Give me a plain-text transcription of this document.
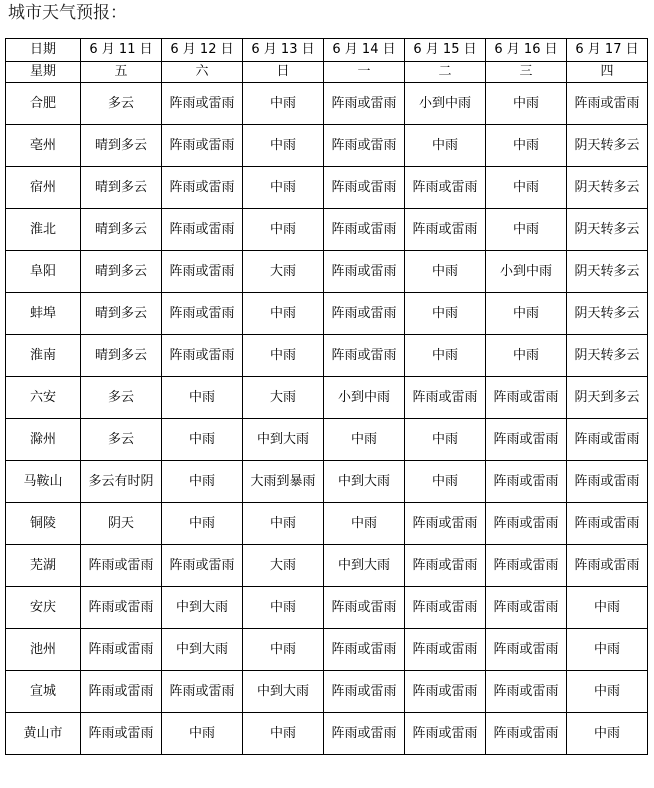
城市天气预报：
日期	6 月 11 日	6 月 12 日	6 月 13 日	6 月 14 日	6 月 15 日	6 月 16 日	6 月 17 日
星期	五	六	日	一	二	三	四
合肥	多云	阵雨或雷雨	中雨	阵雨或雷雨	小到中雨	中雨	阵雨或雷雨
亳州	晴到多云	阵雨或雷雨	中雨	阵雨或雷雨	中雨	中雨	阴天转多云
宿州	晴到多云	阵雨或雷雨	中雨	阵雨或雷雨	阵雨或雷雨	中雨	阴天转多云
淮北	晴到多云	阵雨或雷雨	中雨	阵雨或雷雨	阵雨或雷雨	中雨	阴天转多云
阜阳	晴到多云	阵雨或雷雨	大雨	阵雨或雷雨	中雨	小到中雨	阴天转多云
蚌埠	晴到多云	阵雨或雷雨	中雨	阵雨或雷雨	中雨	中雨	阴天转多云
淮南	晴到多云	阵雨或雷雨	中雨	阵雨或雷雨	中雨	中雨	阴天转多云
六安	多云	中雨	大雨	小到中雨	阵雨或雷雨	阵雨或雷雨	阴天到多云
滁州	多云	中雨	中到大雨	中雨	中雨	阵雨或雷雨	阵雨或雷雨
马鞍山	多云有时阴	中雨	大雨到暴雨	中到大雨	中雨	阵雨或雷雨	阵雨或雷雨
铜陵	阴天	中雨	中雨	中雨	阵雨或雷雨	阵雨或雷雨	阵雨或雷雨
芜湖	阵雨或雷雨	阵雨或雷雨	大雨	中到大雨	阵雨或雷雨	阵雨或雷雨	阵雨或雷雨
安庆	阵雨或雷雨	中到大雨	中雨	阵雨或雷雨	阵雨或雷雨	阵雨或雷雨	中雨
池州	阵雨或雷雨	中到大雨	中雨	阵雨或雷雨	阵雨或雷雨	阵雨或雷雨	中雨
宣城	阵雨或雷雨	阵雨或雷雨	中到大雨	阵雨或雷雨	阵雨或雷雨	阵雨或雷雨	中雨
黄山市	阵雨或雷雨	中雨	中雨	阵雨或雷雨	阵雨或雷雨	阵雨或雷雨	中雨
